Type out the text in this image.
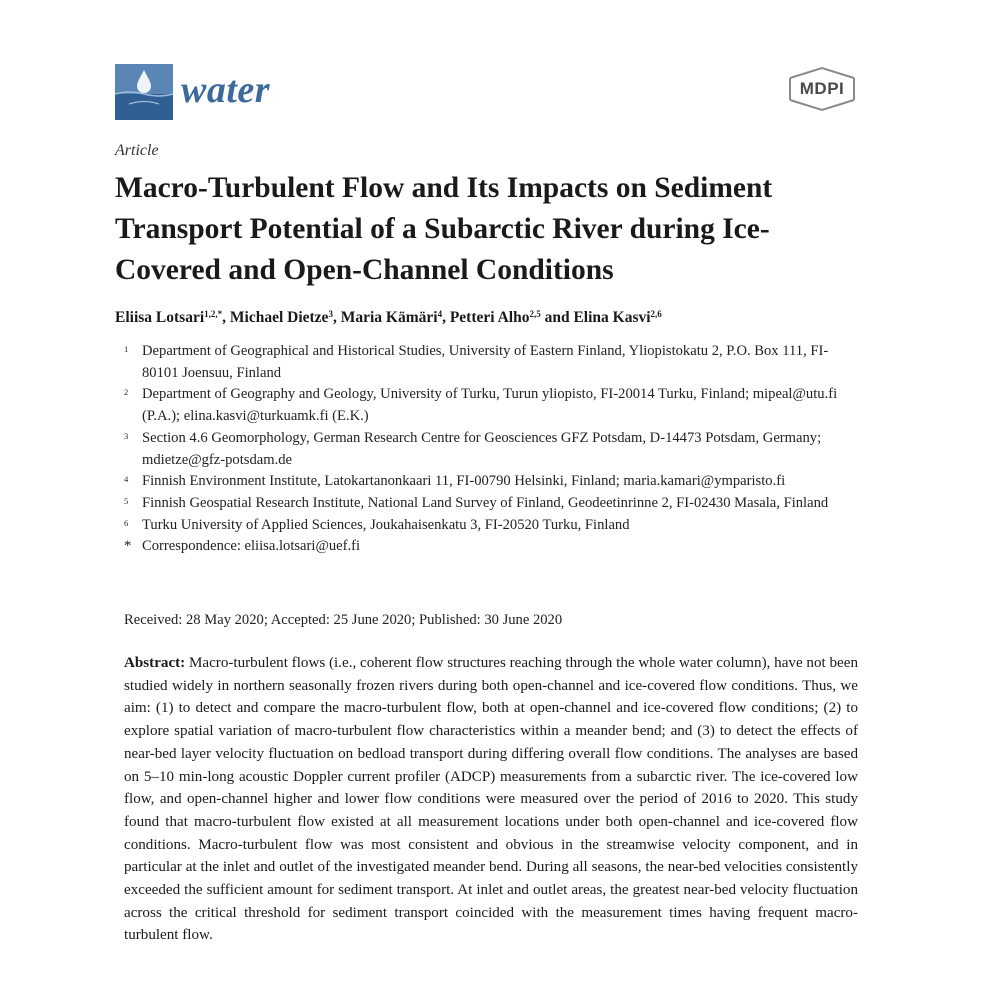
water	MDPI
Article
Macro-Turbulent Flow and Its Impacts on Sediment Transport Potential of a Subarctic River during Ice-Covered and Open-Channel Conditions
Eliisa Lotsari$^{1,2,*}$, Michael Dietze$^3$, Maria Kämäri$^4$, Petteri Alho$^{2,5}$ and Elina Kasvi$^{2,6}$
1 Department of Geographical and Historical Studies, University of Eastern Finland, Yliopistokatu 2, P.O. Box 111, FI-80101 Joensuu, Finland
2 Department of Geography and Geology, University of Turku, Turun yliopisto, FI-20014 Turku, Finland; mipeal@utu.fi (P.A.); elina.kasvi@turkuamk.fi (E.K.)
3 Section 4.6 Geomorphology, German Research Centre for Geosciences GFZ Potsdam, D-14473 Potsdam, Germany; mdietze@gfz-potsdam.de
4 Finnish Environment Institute, Latokartanonkaari 11, FI-00790 Helsinki, Finland; maria.kamari@ymparisto.fi
5 Finnish Geospatial Research Institute, National Land Survey of Finland, Geodeetinrinne 2, FI-02430 Masala, Finland
6 Turku University of Applied Sciences, Joukahaisenkatu 3, FI-20520 Turku, Finland
* Correspondence: eliisa.lotsari@uef.fi
Received: 28 May 2020; Accepted: 25 June 2020; Published: 30 June 2020

Abstract: Macro-turbulent flows (i.e., coherent flow structures reaching through the whole water column), have not been studied widely in northern seasonally frozen rivers during both open-channel and ice-covered flow conditions. Thus, we aim: (1) to detect and compare the macro-turbulent flow, both at open-channel and ice-covered flow conditions; (2) to explore spatial variation of macro-turbulent flow characteristics within a meander bend; and (3) to detect the effects of near-bed layer velocity fluctuation on bedload transport during differing overall flow conditions. The analyses are based on 5–10 min-long acoustic Doppler current profiler (ADCP) measurements from a subarctic river. The ice-covered low flow, and open-channel higher and lower flow conditions were measured over the period of 2016 to 2020. This study found that macro-turbulent flow existed at all measurement locations under both open-channel and ice-covered flow conditions. Macro-turbulent flow was most consistent and obvious in the streamwise velocity component, and in particular at the inlet and outlet of the investigated meander bend. During all seasons, the near-bed velocities consistently exceeded the sufficient amount for sediment transport. At inlet and outlet areas, the greatest near-bed velocity fluctuation across the critical threshold for sediment transport coincided with the measurement times having frequent macro-turbulent flow.
